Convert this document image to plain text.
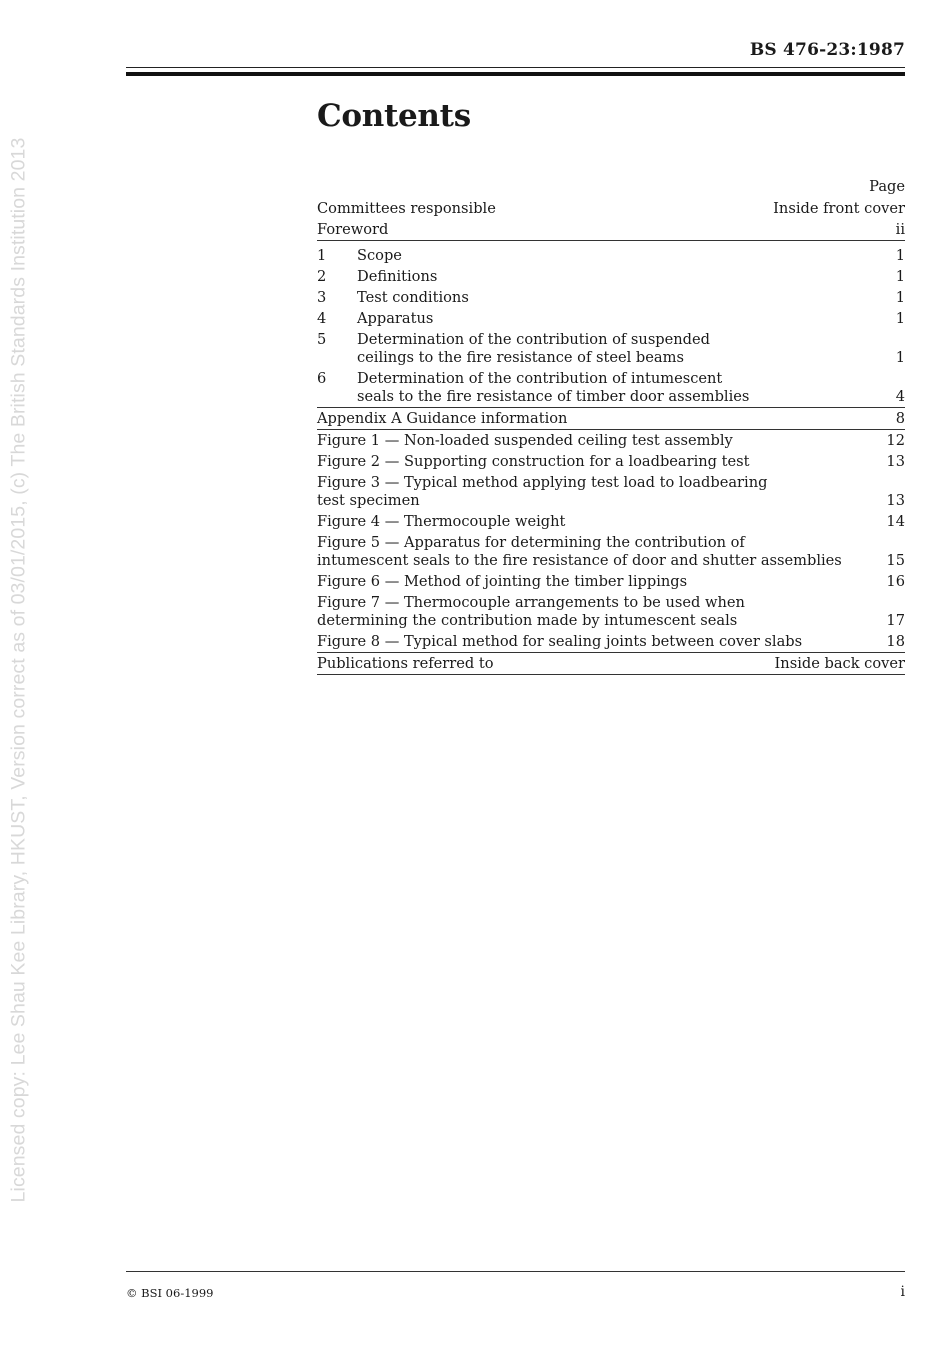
BS 476-23:1987
Licensed copy: Lee Shau Kee Library, HKUST, Version correct as of 03/01/2015, (c) The British Standards Institution 2013
Contents
Page
Committees responsible	Inside front cover
Foreword	ii
1	Scope	1
2	Definitions	1
3	Test conditions	1
4	Apparatus	1
5	Determination of the contribution of suspended
ceilings to the fire resistance of steel beams	1
6	Determination of the contribution of intumescent
seals to the fire resistance of timber door assemblies	4
Appendix A Guidance information	8
Figure 1 — Non-loaded suspended ceiling test assembly	12
Figure 2 — Supporting construction for a loadbearing test	13
Figure 3 — Typical method applying test load to loadbearing
test specimen	13
Figure 4 — Thermocouple weight	14
Figure 5 — Apparatus for determining the contribution of
intumescent seals to the fire resistance of door and shutter assemblies	15
Figure 6 — Method of jointing the timber lippings	16
Figure 7 — Thermocouple arrangements to be used when
determining the contribution made by intumescent seals	17
Figure 8 — Typical method for sealing joints between cover slabs	18
Publications referred to	Inside back cover
© BSI 06-1999	i
